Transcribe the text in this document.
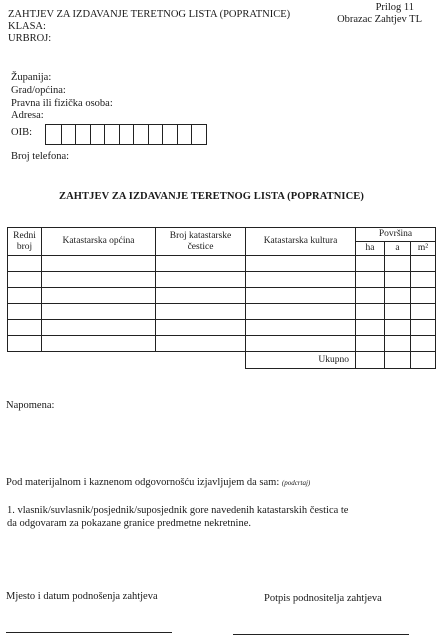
ZAHTJEV ZA IZDAVANJE TERETNOG LISTA (POPRATNICE)
Prilog 11
Obrazac Zahtjev TL
KLASA:
URBROJ:
Županija:
Grad/općina:
Pravna ili fizička osoba:
Adresa:
OIB:
Broj telefona:
ZAHTJEV ZA IZDAVANJE TERETNOG LISTA (POPRATNICE)
Redni broj	Katastarska općina	Broj katastarske čestice	Katastarska kultura	Površina		
				ha	a	m²

			Ukupno			
Napomena:
Pod materijalnom i kaznenom odgovornošću izjavljujem da sam: (podcrtaj)
1. vlasnik/suvlasnik/posjednik/suposjednik gore navedenih katastarskih čestica te
da odgovaram za pokazane granice predmetne nekretnine.
Mjesto i datum podnošenja zahtjeva	Potpis podnositelja zahtjeva
